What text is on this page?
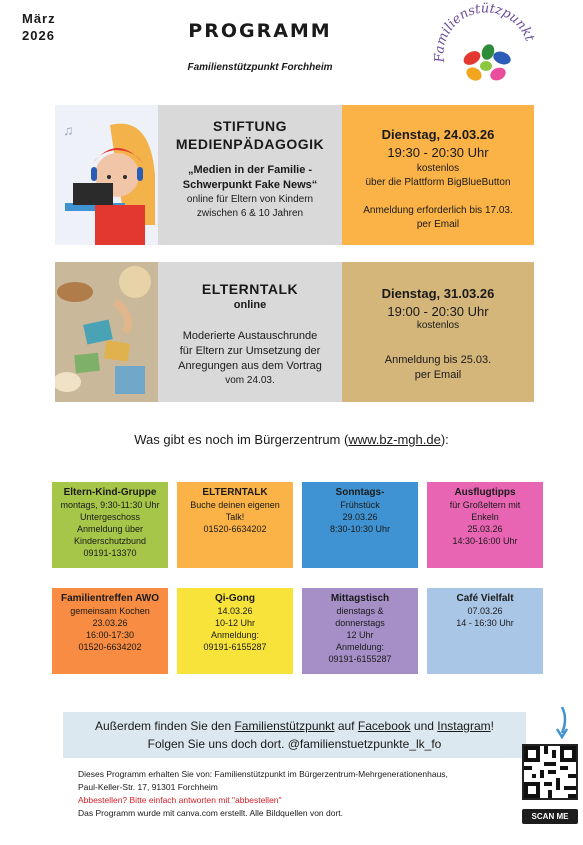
März
2026	PROGRAMM
Familienstützpunkt Forchheim
Familienstützpunkt
♫	STIFTUNG
MEDIENPÄDAGOGIK
„Medien in der Familie -
Schwerpunkt Fake News“
online für Eltern von Kindern
zwischen 6 & 10 Jahren
Dienstag, 24.03.26
19:30 - 20:30 Uhr
kostenlos
über die Plattform BigBlueButton
Anmeldung erforderlich bis 17.03.
per Email
ELTERNTALK
online
Moderierte Austauschrunde
für Eltern zur Umsetzung der
Anregungen aus dem Vortrag
vom 24.03.
Dienstag, 31.03.26
19:00 - 20:30 Uhr
kostenlos
Anmeldung bis 25.03.
per Email
Was gibt es noch im Bürgerzentrum (www.bz-mgh.de):
Eltern-Kind-Gruppe
montags, 9:30-11:30 Uhr
Untergeschoss
Anmeldung über
Kinderschutzbund
09191-13370
ELTERNTALK
Buche deinen eigenen
Talk!
01520-6634202
Sonntags-
Frühstück
29.03.26
8:30-10:30 Uhr
Ausflugtipps
für Großeltern mit
Enkeln
25.03.26
14:30-16:00 Uhr
Familientreffen AWO
gemeinsam Kochen
23.03.26
16:00-17:30
01520-6634202
Qi-Gong
14.03.26
10-12 Uhr
Anmeldung:
09191-6155287
Mittagstisch
dienstags &
donnerstags
12 Uhr
Anmeldung:
09191-6155287
Café Vielfalt
07.03.26
14 - 16:30 Uhr
Außerdem finden Sie den Familienstützpunkt auf Facebook und Instagram!
Folgen Sie uns doch dort. @familienstuetzpunkte_lk_fo
Dieses Programm erhalten Sie von: Familienstützpunkt im Bürgerzentrum-Mehrgenerationenhaus,
Paul-Keller-Str. 17, 91301 Forchheim
Abbestellen? Bitte einfach antworten mit "abbestellen"
Das Programm wurde mit canva.com erstellt. Alle Bildquellen von dort.	SCAN ME
